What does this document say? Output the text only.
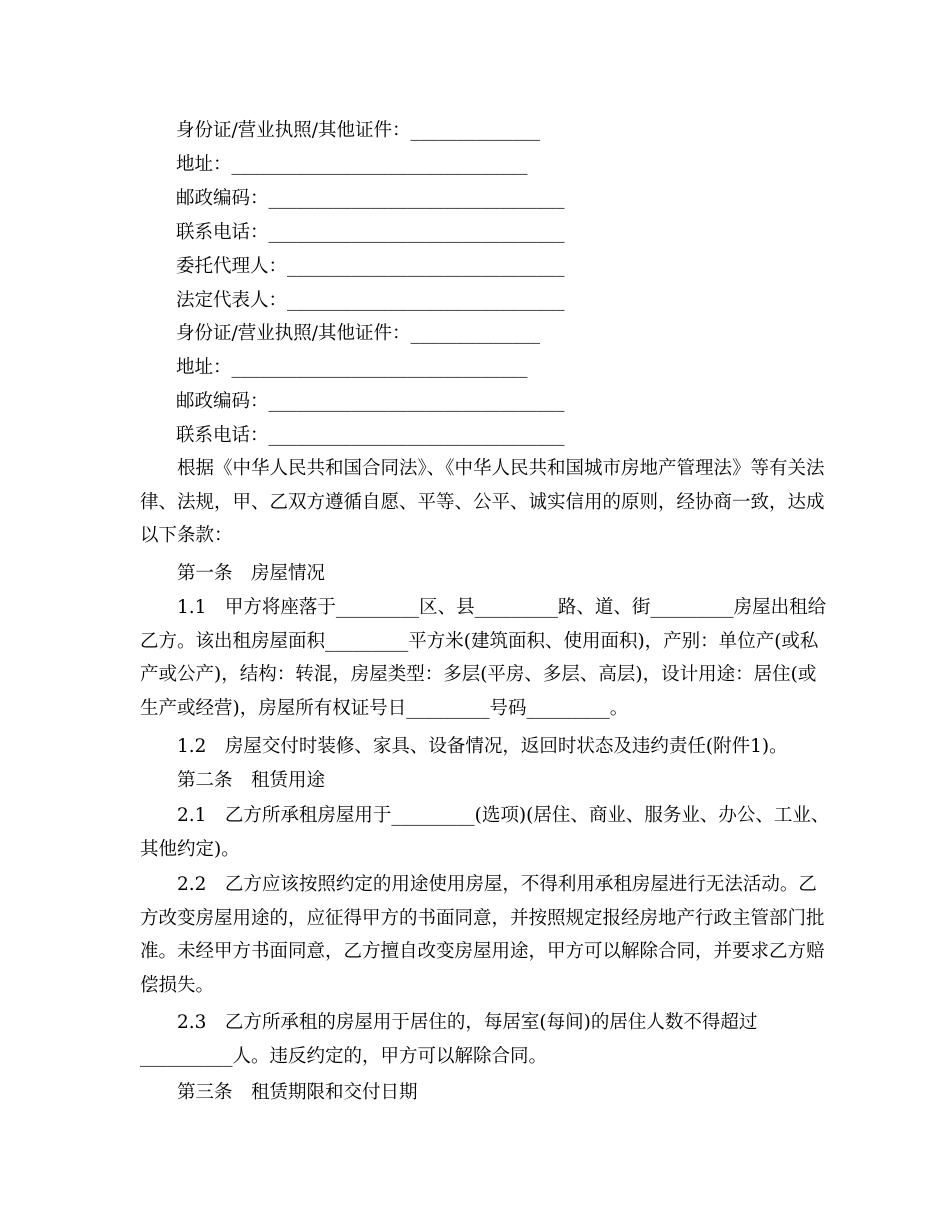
身份证/营业执照/其他证件：______________
地址：________________________________
邮政编码：________________________________
联系电话：________________________________
委托代理人：______________________________
法定代表人：______________________________
身份证/营业执照/其他证件：______________
地址：________________________________
邮政编码：________________________________
联系电话：________________________________
　　根据《中华人民共和国合同法》、《中华人民共和国城市房地产管理法》等有关法律、法规，甲、乙双方遵循自愿、平等、公平、诚实信用的原则，经协商一致，达成以下条款：
　　第一条　房屋情况
　　1.1　甲方将座落于_________区、县_________路、道、街_________房屋出租给乙方。该出租房屋面积_________平方米(建筑面积、使用面积)，产别：单位产(或私产或公产)，结构：转混，房屋类型：多层(平房、多层、高层)，设计用途：居住(或生产或经营)，房屋所有权证号日_________号码_________。
　　1.2　房屋交付时装修、家具、设备情况，返回时状态及违约责任(附件1)。
　　第二条　租赁用途
　　2.1　乙方所承租房屋用于_________(选项)(居住、商业、服务业、办公、工业、其他约定)。
　　2.2　乙方应该按照约定的用途使用房屋，不得利用承租房屋进行无法活动。乙方改变房屋用途的，应征得甲方的书面同意，并按照规定报经房地产行政主管部门批准。未经甲方书面同意，乙方擅自改变房屋用途，甲方可以解除合同，并要求乙方赔偿损失。
　　2.3　乙方所承租的房屋用于居住的，每居室(每间)的居住人数不得超过__________人。违反约定的，甲方可以解除合同。
　　第三条　租赁期限和交付日期
